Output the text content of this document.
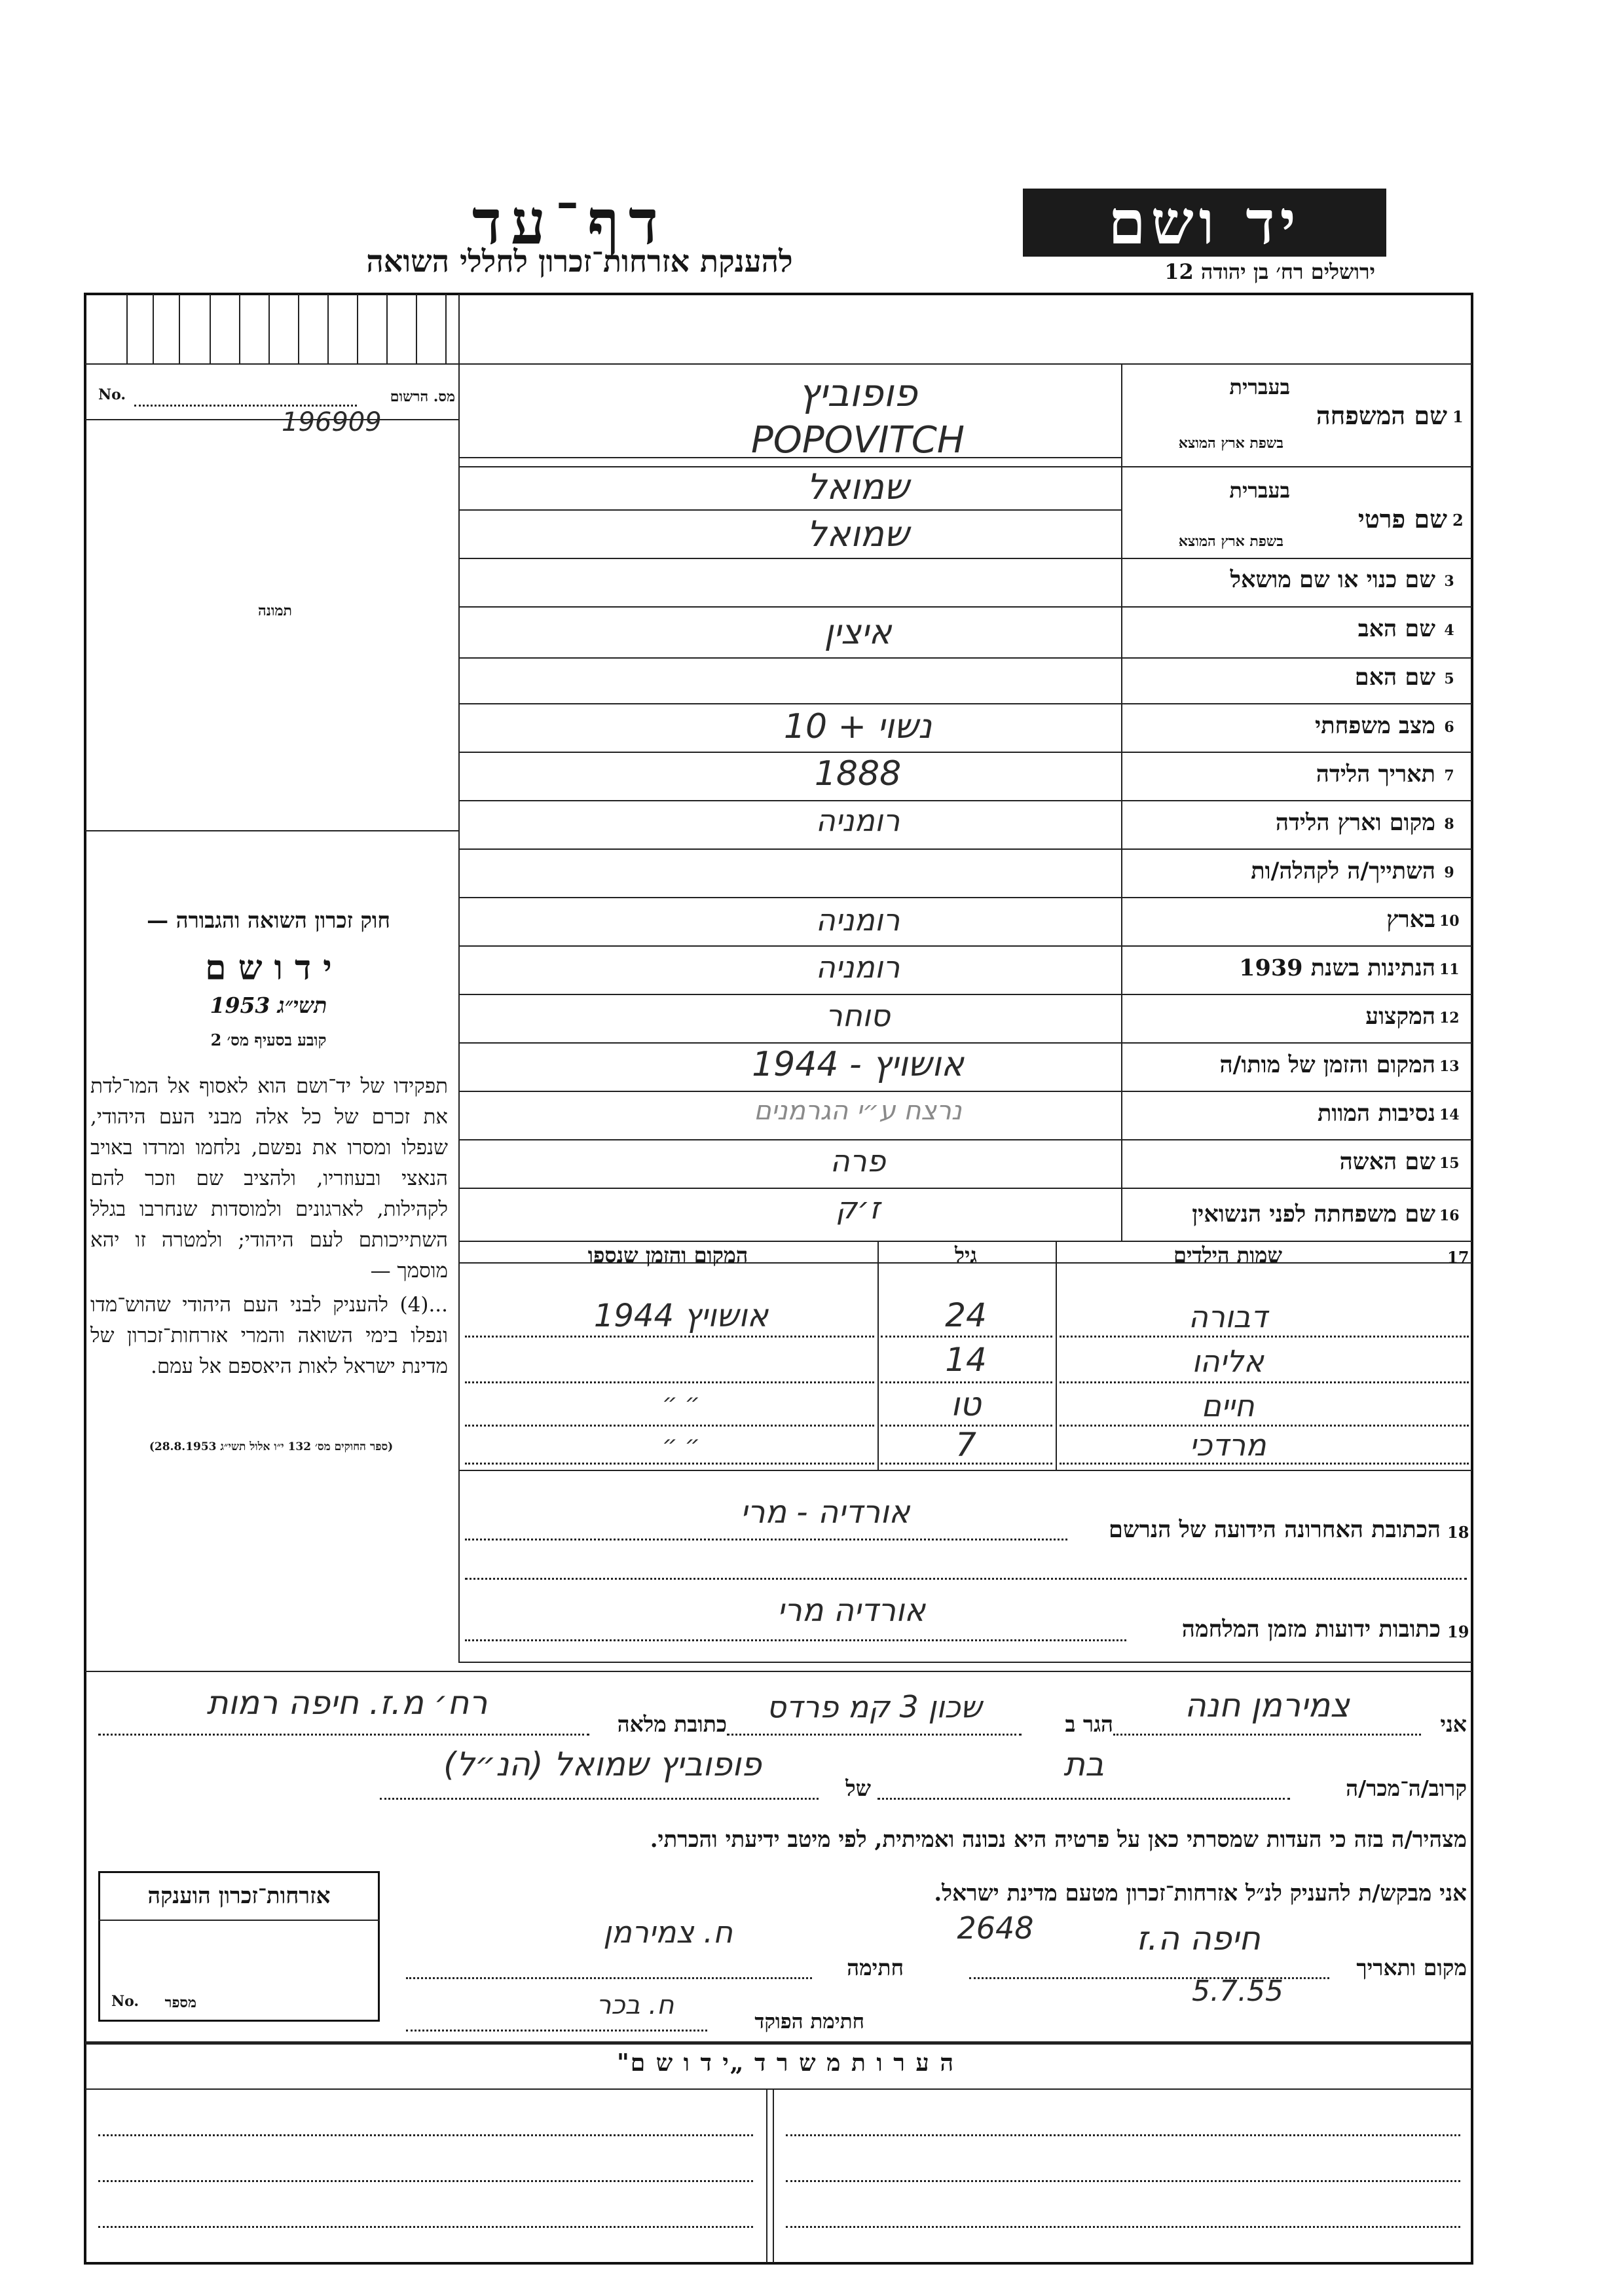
יד ושם
ירושלים רח׳ בן יהודה 12
דף־עד
להענקת אזרחות־זכרון לחללי השואה
מס. הרשום
No.
196909
תמונה
חוק זכרון השואה והגבורה —
י ד ו ש ם
תשי״ג 1953
קובע בסעיף מס׳ 2
תפקידו של יד־ושם הוא לאסוף אל המו־לדת את זכרם של כל אלה מבני העם היהודי, שנפלו ומסרו את נפשם, נלחמו ומרדו באויב הנאצי ובעוזריו, ולהציב שם וזכר להם לקהילות, לארגונים ולמוסדות שנחרבו בגלל השתייכותם לעם היהודי; ולמטרה זו יהא מוסמך —
...(4) להעניק לבני העם היהודי שהוש־מדו ונפלו בימי השואה והמרי אזרחות־זכרון של מדינת ישראל לאות היאספם אל עמם.
(ספר החוקים מס׳ 132 י״ו אלול תשי״ג 28.8.1953)
בעברית
שם המשפחה 1
בשפת ארץ המוצא
פופוביץ
POPOVITCH
בעברית
שם פרטי 2
בשפת ארץ המוצא
שמואל
שמואל
שם כנוי או שם מושאל 3
שם האב 4
איצין
שם האם 5
מצב משפחתי 6
נשוי + 10
תאריך הלידה 7
1888
מקום וארץ הלידה 8
רומניה
השתייך/ה לקהלה/ות 9
בארץ 10
רומניה
הנתינות בשנת 1939 11
רומניה
המקצוע 12
סוחר
המקום והזמן של מותו/ה 13
אושויץ - 1944
נסיבות המוות 14
נרצח ע״י הגרמנים
שם האשה 15
פרה
שם משפחתה לפני הנשואין 16
ז׳ק
17
שמות הילדים
גיל
המקום והזמן שנספו
דבורה
24
אושויץ 1944
אליהו
14
חיים
טו
״ ״
מרדכי
7
״ ״
הכתובת האחרונה הידועה של הנרשם 18
אורדיה - מרי
כתובות ידועות מזמן המלחמה 19
אורדיה מרי
אני
צמירמן חנה
הגר ב
שכון 3 קמ פרדס
כתובת מלאה
רח׳ מ.ז. חיפה רמות
קרוב/ה־מכר/ה
בת
של
פופוביץ שמואל (הנ״ל)
מצהיר/ה בזה כי העדות שמסרתי כאן על פרטיה היא נכונה ואמיתית, לפי מיטב ידיעתי והכרתי.
אני מבקש/ת להעניק לנ״ל אזרחות־זכרון מטעם מדינת ישראל.
מקום ותאריך
חיפה ה.ז
5.7.55
2648
חתימה
ח. צמירמן
חתימת הפוקד
ח. בכר
אזרחות־זכרון הוענקה
No.	מספר
ה ע ר ו ת מ ש ר ד „י ד ו ש ם"
